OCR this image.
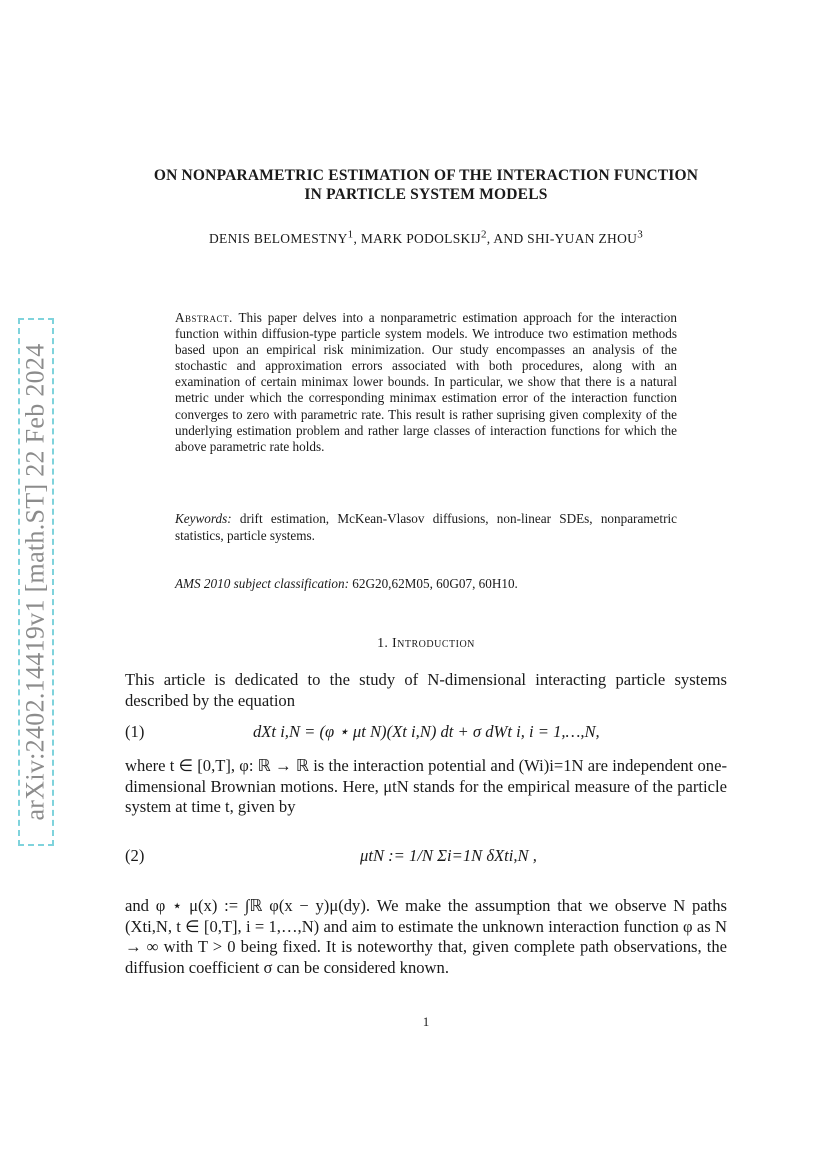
arXiv:2402.14419v1 [math.ST] 22 Feb 2024
ON NONPARAMETRIC ESTIMATION OF THE INTERACTION FUNCTION
IN PARTICLE SYSTEM MODELS
DENIS BELOMESTNY$^1$, MARK PODOLSKIJ$^2$, AND SHI-YUAN ZHOU$^3$
Abstract. This paper delves into a nonparametric estimation approach for the interaction function within diffusion-type particle system models. We introduce two estimation methods based upon an empirical risk minimization. Our study encompasses an analysis of the stochastic and approximation errors associated with both procedures, along with an examination of certain minimax lower bounds. In particular, we show that there is a natural metric under which the corresponding minimax estimation error of the interaction function converges to zero with parametric rate. This result is rather suprising given complexity of the underlying estimation problem and rather large classes of interaction functions for which the above parametric rate holds.
Keywords: drift estimation, McKean-Vlasov diffusions, non-linear SDEs, nonparametric statistics, particle systems.
AMS 2010 subject classification: 62G20,62M05, 60G07, 60H10.
1. Introduction
This article is dedicated to the study of N-dimensional interacting particle systems described by the equation
(1)	dXt i,N = (φ ⋆ μt N)(Xt i,N) dt + σ dWt i, i = 1,…,N,
where t ∈ [0,T], φ: ℝ → ℝ is the interaction potential and (Wi)i=1N are independent one-dimensional Brownian motions. Here, μtN stands for the empirical measure of the particle system at time t, given by
(2)	μtN := 1/N Σi=1N δXti,N ,
and φ ⋆ μ(x) := ∫ℝ φ(x − y)μ(dy). We make the assumption that we observe N paths (Xti,N, t ∈ [0,T], i = 1,…,N) and aim to estimate the unknown interaction function φ as N → ∞ with T > 0 being fixed. It is noteworthy that, given complete path observations, the diffusion coefficient σ can be considered known.
1
